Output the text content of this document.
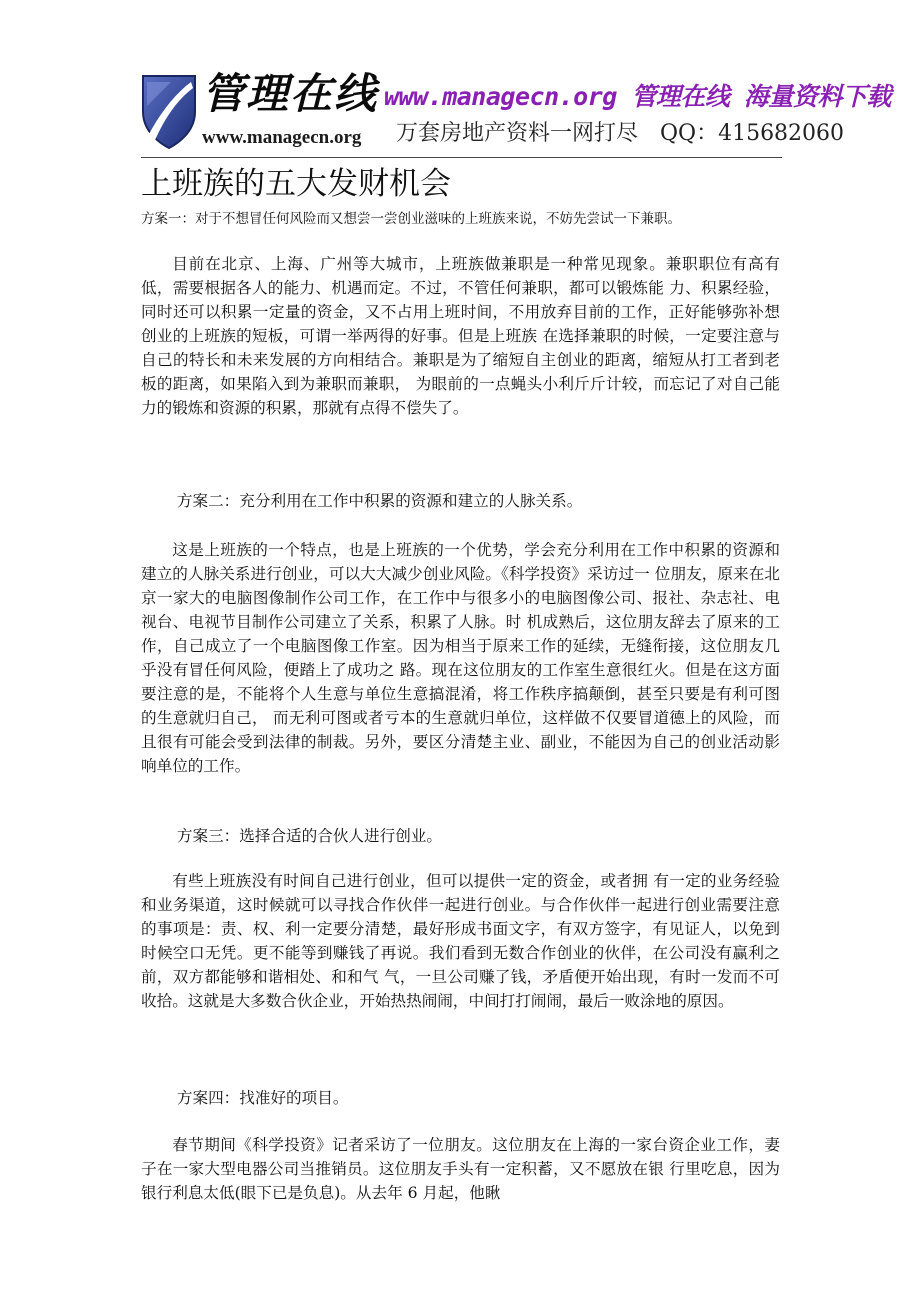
管理在线
www.managecn.org
www.managecn.org 管理在线 海量资料下载
万套房地产资料一网打尽　QQ：415682060
上班族的五大发财机会
方案一：对于不想冒任何风险而又想尝一尝创业滋味的上班族来说，不妨先尝试一下兼职。

目前在北京、上海、广州等大城市，上班族做兼职是一种常见现象。兼职职位有高有低，需要根据各人的能力、机遇而定。不过，不管任何兼职，都可以锻炼能 力、积累经验，同时还可以积累一定量的资金，又不占用上班时间，不用放弃目前的工作，正好能够弥补想创业的上班族的短板，可谓一举两得的好事。但是上班族 在选择兼职的时候，一定要注意与自己的特长和未来发展的方向相结合。兼职是为了缩短自主创业的距离，缩短从打工者到老板的距离，如果陷入到为兼职而兼职， 为眼前的一点蝇头小利斤斤计较，而忘记了对自己能力的锻炼和资源的积累，那就有点得不偿失了。

方案二：充分利用在工作中积累的资源和建立的人脉关系。

这是上班族的一个特点，也是上班族的一个优势，学会充分利用在工作中积累的资源和建立的人脉关系进行创业，可以大大减少创业风险。《科学投资》采访过一 位朋友，原来在北京一家大的电脑图像制作公司工作，在工作中与很多小的电脑图像公司、报社、杂志社、电视台、电视节目制作公司建立了关系，积累了人脉。时 机成熟后，这位朋友辞去了原来的工作，自己成立了一个电脑图像工作室。因为相当于原来工作的延续，无缝衔接，这位朋友几乎没有冒任何风险，便踏上了成功之 路。现在这位朋友的工作室生意很红火。但是在这方面要注意的是，不能将个人生意与单位生意搞混淆，将工作秩序搞颠倒，甚至只要是有利可图的生意就归自己， 而无利可图或者亏本的生意就归单位，这样做不仅要冒道德上的风险，而且很有可能会受到法律的制裁。另外，要区分清楚主业、副业，不能因为自己的创业活动影 响单位的工作。

方案三：选择合适的合伙人进行创业。

有些上班族没有时间自己进行创业，但可以提供一定的资金，或者拥 有一定的业务经验和业务渠道，这时候就可以寻找合作伙伴一起进行创业。与合作伙伴一起进行创业需要注意的事项是：责、权、利一定要分清楚，最好形成书面文字，有双方签字，有见证人，以免到时候空口无凭。更不能等到赚钱了再说。我们看到无数合作创业的伙伴，在公司没有赢利之前，双方都能够和谐相处、和和气 气，一旦公司赚了钱，矛盾便开始出现，有时一发而不可收拾。这就是大多数合伙企业，开始热热闹闹，中间打打闹闹，最后一败涂地的原因。

方案四：找准好的项目。

春节期间《科学投资》记者采访了一位朋友。这位朋友在上海的一家台资企业工作，妻子在一家大型电器公司当推销员。这位朋友手头有一定积蓄，又不愿放在银 行里吃息，因为银行利息太低(眼下已是负息)。从去年 6 月起，他瞅
